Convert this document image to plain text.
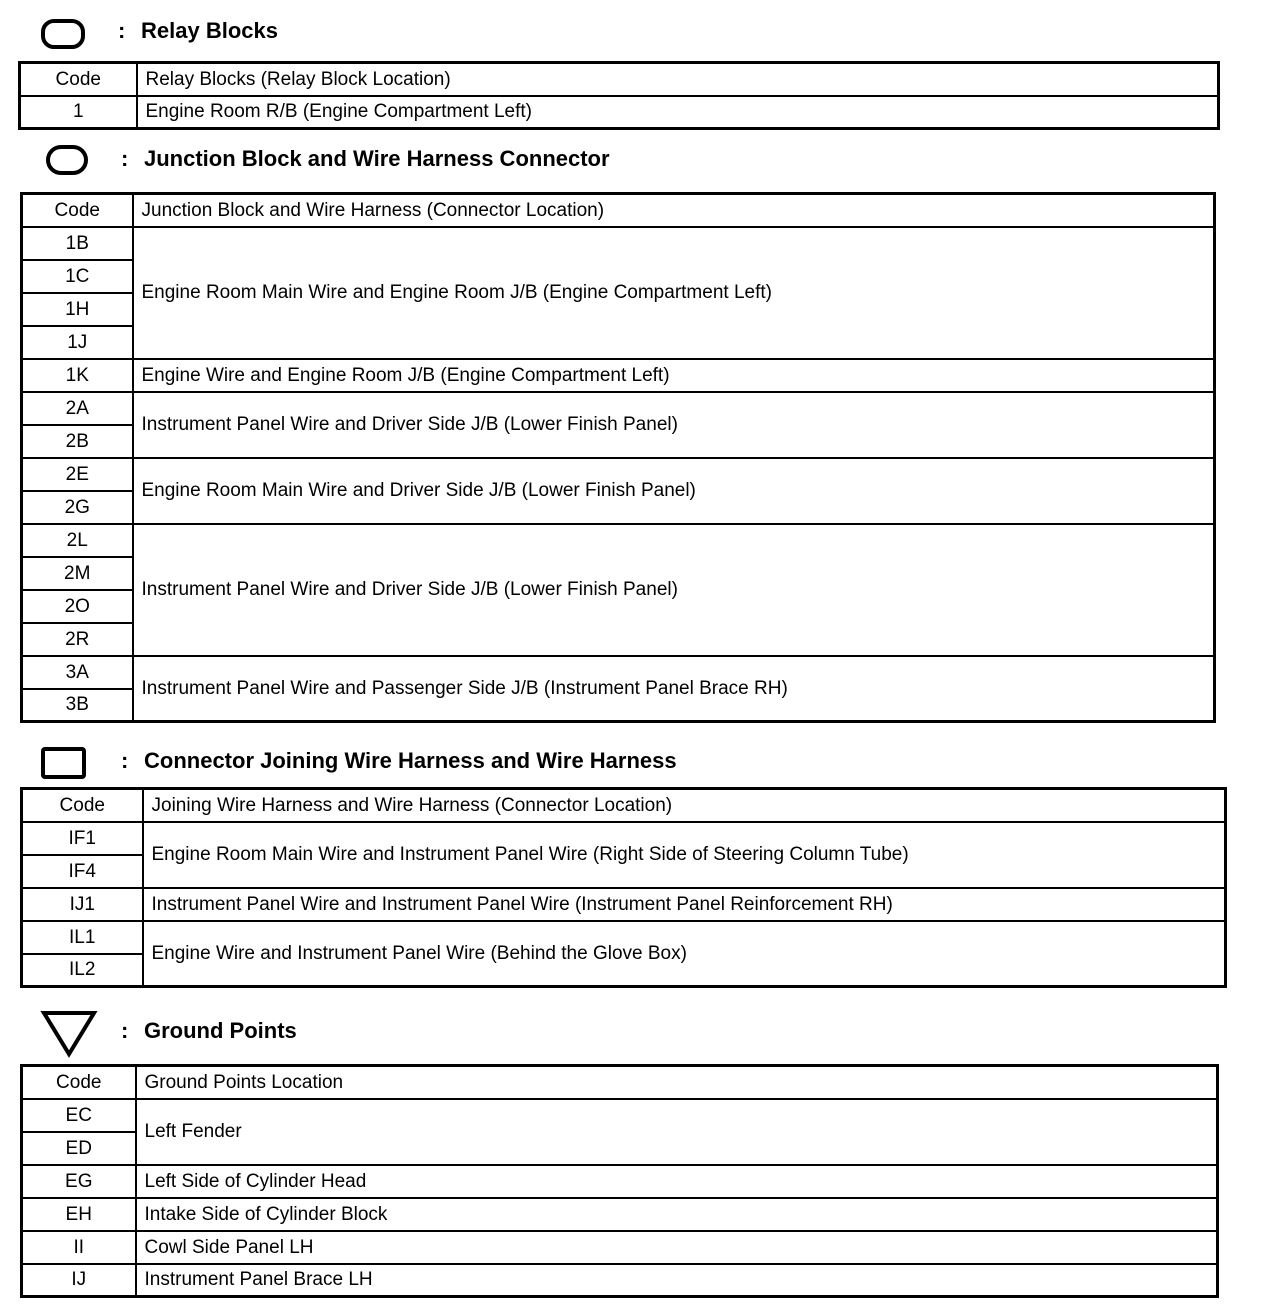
: Relay Blocks
Code	Relay Blocks (Relay Block Location)
1	Engine Room R/B (Engine Compartment Left)
: Junction Block and Wire Harness Connector
Code	Junction Block and Wire Harness (Connector Location)
1B	Engine Room Main Wire and Engine Room J/B (Engine Compartment Left)
1C	
1H	
1J	
1K	Engine Wire and Engine Room J/B (Engine Compartment Left)
2A	Instrument Panel Wire and Driver Side J/B (Lower Finish Panel)
2B	
2E	Engine Room Main Wire and Driver Side J/B (Lower Finish Panel)
2G	
2L	Instrument Panel Wire and Driver Side J/B (Lower Finish Panel)
2M	
2O	
2R	
3A	Instrument Panel Wire and Passenger Side J/B (Instrument Panel Brace RH)
3B	
: Connector Joining Wire Harness and Wire Harness
Code	Joining Wire Harness and Wire Harness (Connector Location)
IF1	Engine Room Main Wire and Instrument Panel Wire (Right Side of Steering Column Tube)
IF4	
IJ1	Instrument Panel Wire and Instrument Panel Wire (Instrument Panel Reinforcement RH)
IL1	Engine Wire and Instrument Panel Wire (Behind the Glove Box)
IL2	
: Ground Points
Code	Ground Points Location
EC	Left Fender
ED	
EG	Left Side of Cylinder Head
EH	Intake Side of Cylinder Block
II	Cowl Side Panel LH
IJ	Instrument Panel Brace LH
